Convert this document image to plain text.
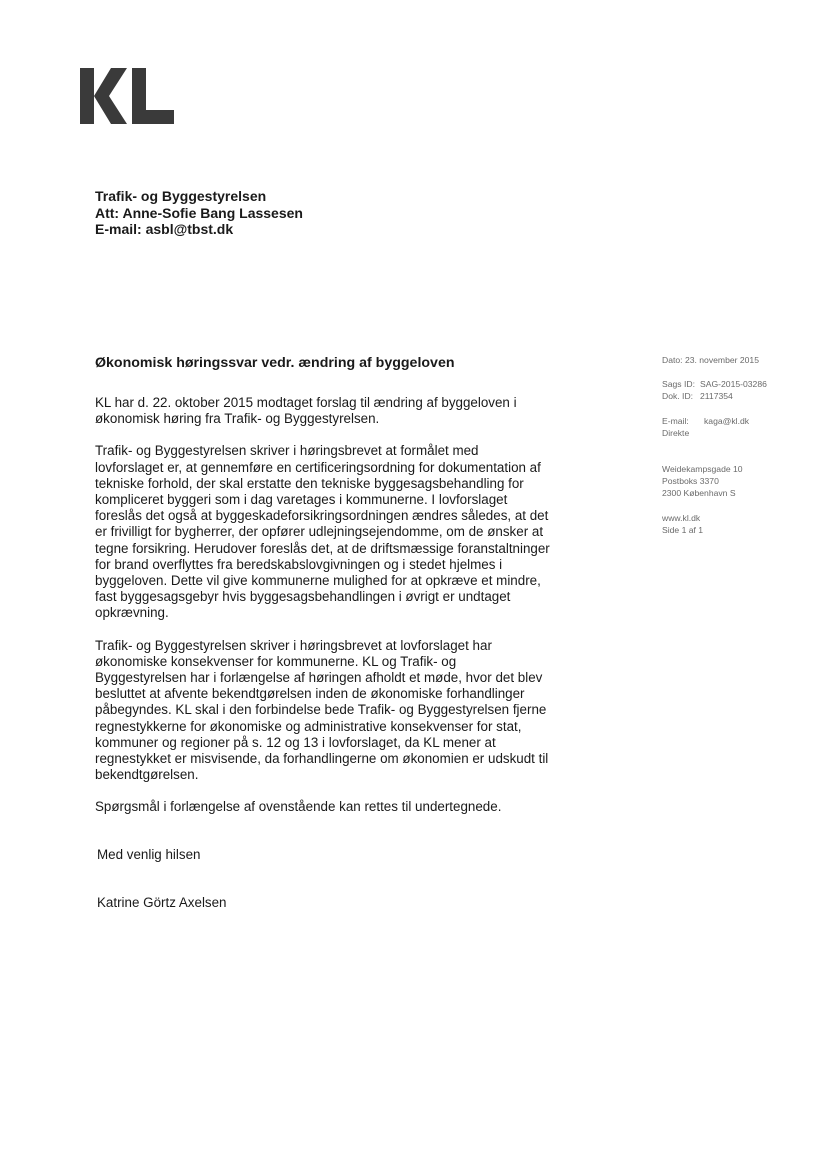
Trafik- og Byggestyrelsen
Att: Anne-Sofie Bang Lassesen
E-mail: asbl@tbst.dk
Dato: 23. november 2015
Sags ID: SAG-2015-03286
Dok. ID: 2117354
E-mail: kaga@kl.dk
Direkte
Weidekampsgade 10
Postboks 3370
2300 København S
www.kl.dk
Side 1 af 1
Økonomisk høringssvar vedr. ændring af byggeloven

KL har d. 22. oktober 2015 modtaget forslag til ændring af byggeloven i økonomisk høring fra Trafik- og Byggestyrelsen.

Trafik- og Byggestyrelsen skriver i høringsbrevet at formålet med lovforslaget er, at gennemføre en certificeringsordning for dokumentation af tekniske forhold, der skal erstatte den tekniske byggesagsbehandling for kompliceret byggeri som i dag varetages i kommunerne. I lovforslaget foreslås det også at byggeskadeforsikringsordningen ændres således, at det er frivilligt for bygherrer, der opfører udlejningsejendomme, om de ønsker at tegne forsikring. Herudover foreslås det, at de driftsmæssige foranstaltninger for brand overflyttes fra beredskabslovgivningen og i stedet hjelmes i byggeloven. Dette vil give kommunerne mulighed for at opkræve et mindre, fast byggesagsgebyr hvis byggesagsbehandlingen i øvrigt er undtaget opkrævning.

Trafik- og Byggestyrelsen skriver i høringsbrevet at lovforslaget har økonomiske konsekvenser for kommunerne. KL og Trafik- og Byggestyrelsen har i forlængelse af høringen afholdt et møde, hvor det blev besluttet at afvente bekendtgørelsen inden de økonomiske forhandlinger påbegyndes. KL skal i den forbindelse bede Trafik- og Byggestyrelsen fjerne regnestykkerne for økonomiske og administrative konsekvenser for stat, kommuner og regioner på s. 12 og 13 i lovforslaget, da KL mener at regnestykket er misvisende, da forhandlingerne om økonomien er udskudt til bekendtgørelsen.

Spørgsmål i forlængelse af ovenstående kan rettes til undertegnede.

Med venlig hilsen
Katrine Görtz Axelsen
